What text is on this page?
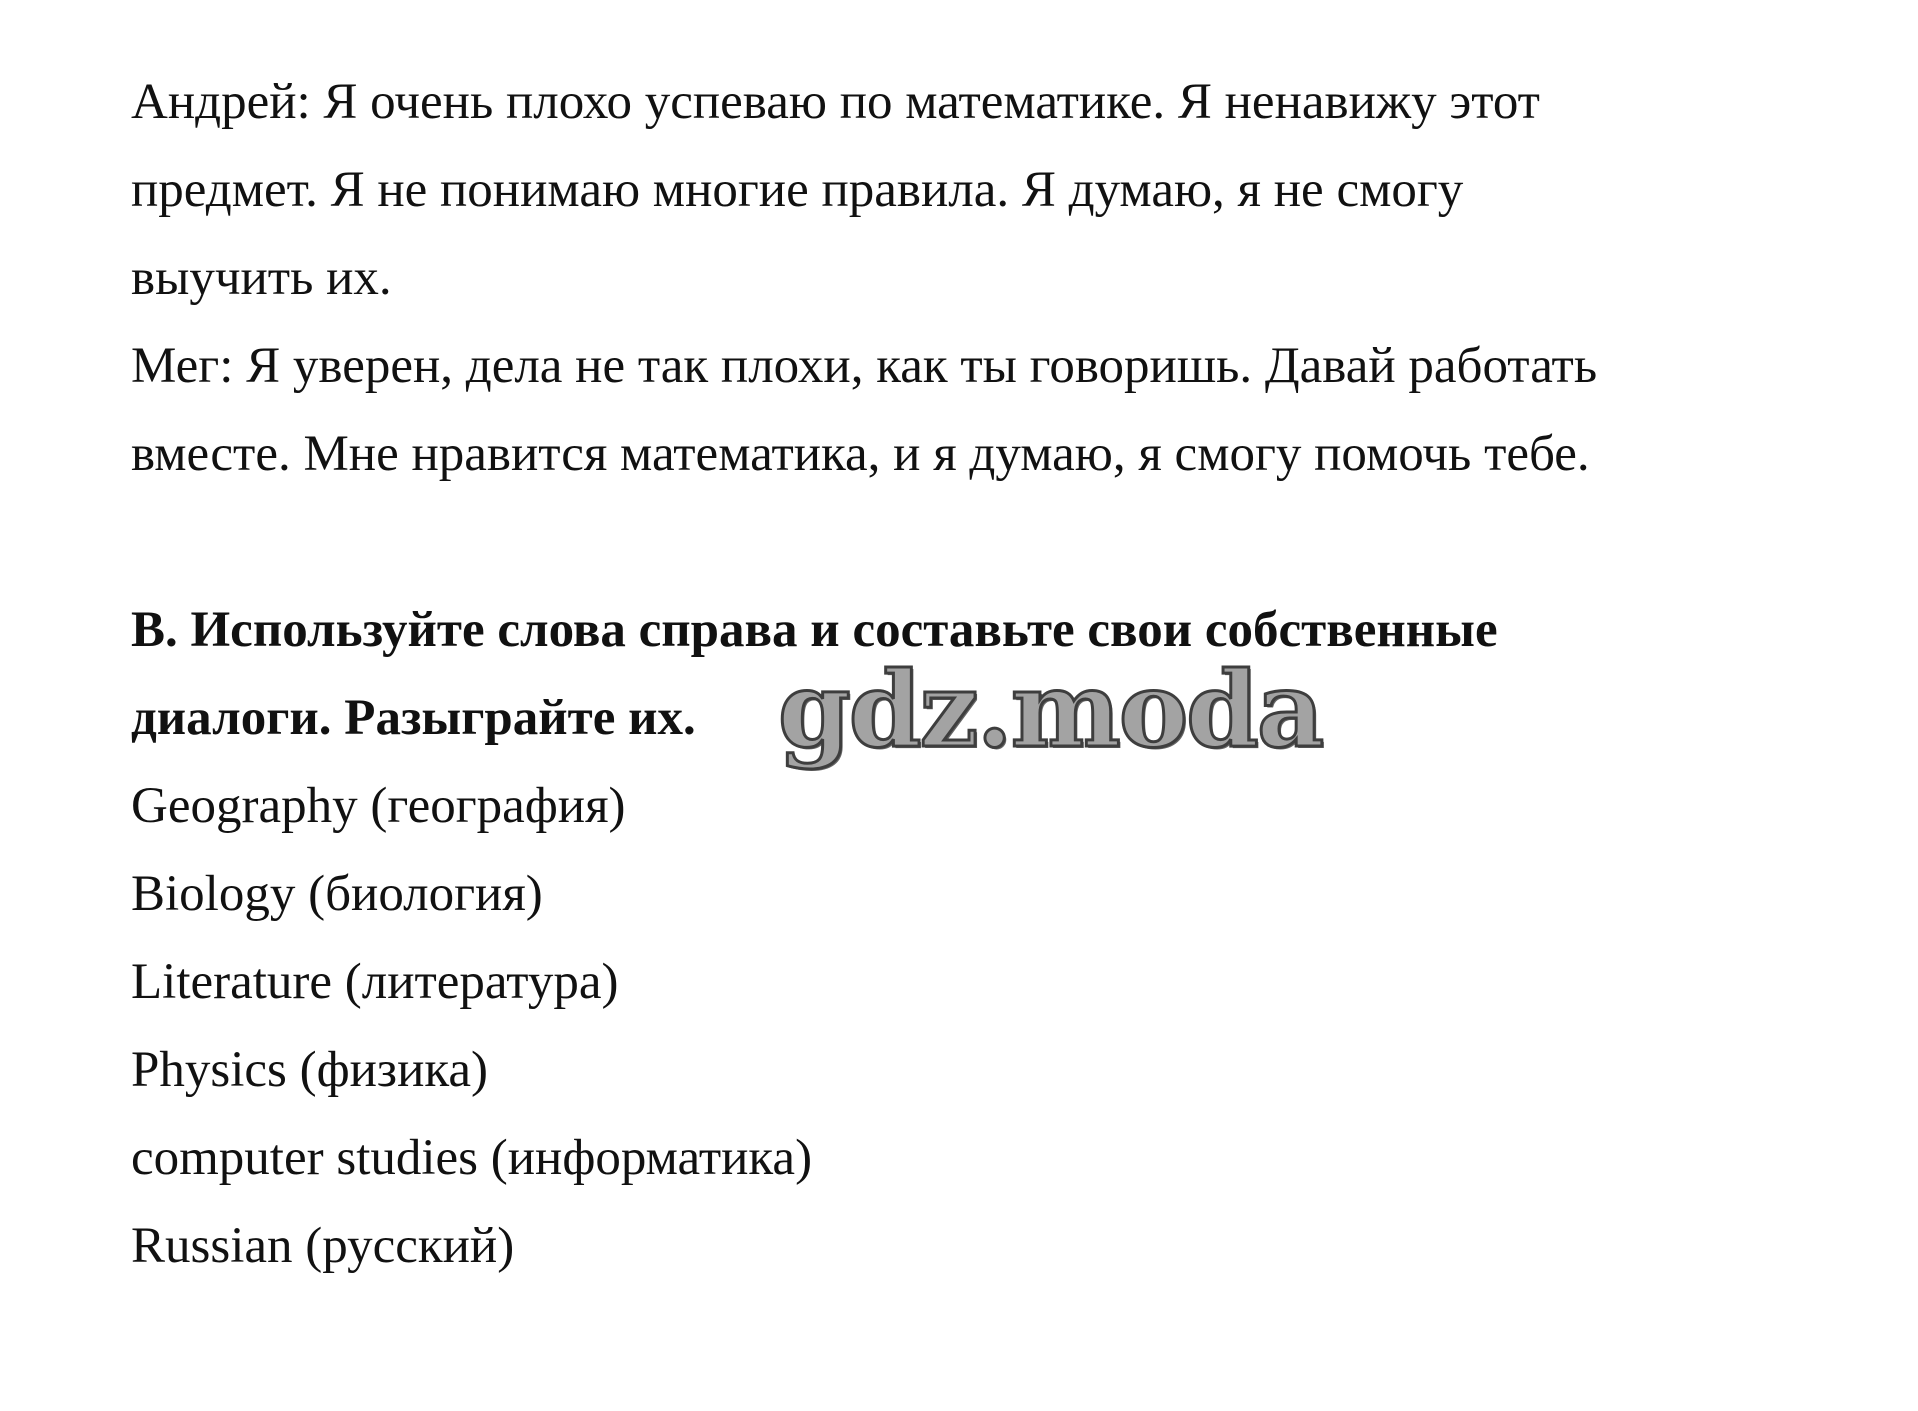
Андрей: Я очень плохо успеваю по математике. Я ненавижу этот
предмет. Я не понимаю многие правила. Я думаю, я не смогу
выучить их.
Мег: Я уверен, дела не так плохи, как ты говоришь. Давай работать
вместе. Мне нравится математика, и я думаю, я смогу помочь тебе.
B. Используйте слова справа и составьте свои собственные
диалоги. Разыграйте их.
Geography (география)
Biology (биология)
Literature (литература)
Physics (физика)
computer studies (информатика)
Russian (русский)
gdz.moda
